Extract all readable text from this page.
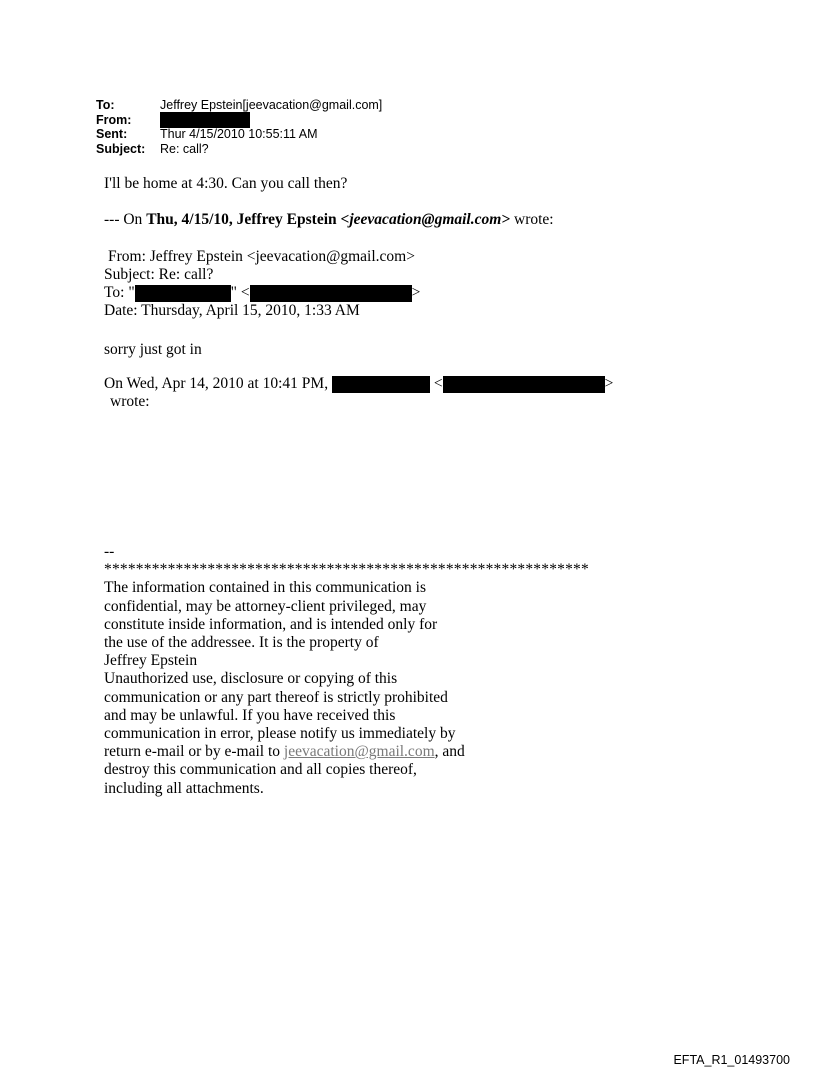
To:	Jeffrey Epstein[jeevacation@gmail.com]
From:
Sent:	Thur 4/15/2010 10:55:11 AM
Subject:	Re: call?
I'll be home at 4:30. Can you call then?
--- On Thu, 4/15/10, Jeffrey Epstein <jeevacation@gmail.com> wrote:
From: Jeffrey Epstein <jeevacation@gmail.com>
Subject: Re: call?
To: "	" <	>
Date: Thursday, April 15, 2010, 1:33 AM
sorry just got in
On Wed, Apr 14, 2010 at 10:41 PM,	<	>
wrote:
--
*************************************************************
The information contained in this communication is
confidential, may be attorney-client privileged, may
constitute inside information, and is intended only for
the use of the addressee. It is the property of
Jeffrey Epstein
Unauthorized use, disclosure or copying of this
communication or any part thereof is strictly prohibited
and may be unlawful. If you have received this
communication in error, please notify us immediately by
return e-mail or by e-mail to jeevacation@gmail.com, and
destroy this communication and all copies thereof,
including all attachments.
EFTA_R1_01493700
